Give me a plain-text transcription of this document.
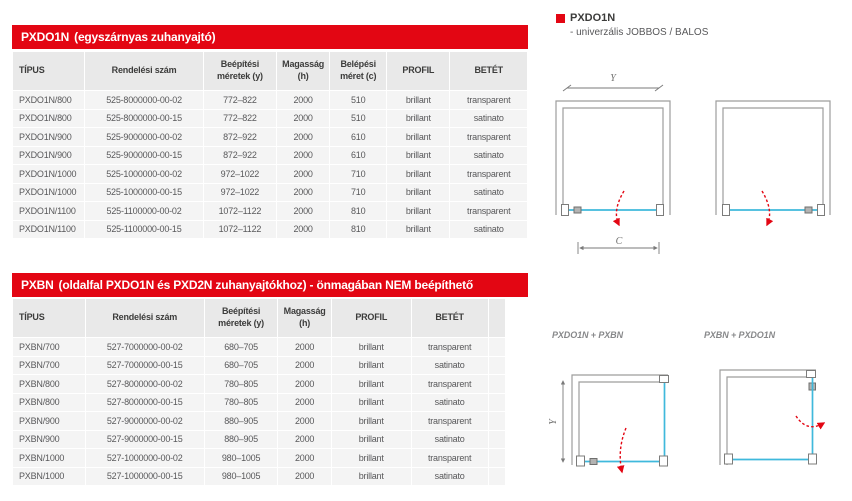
PXDO1N (egyszárnyas zuhanyajtó)
TÍPUS	Rendelési szám	Beépítési méretek (y)	Magasság (h)	Belépési méret (c)	PROFIL	BETÉT
PXDO1N/800	525-8000000-00-02	772–822	2000	510	brillant	transparent
PXDO1N/800	525-8000000-00-15	772–822	2000	510	brillant	satinato
PXDO1N/900	525-9000000-00-02	872–922	2000	610	brillant	transparent
PXDO1N/900	525-9000000-00-15	872–922	2000	610	brillant	satinato
PXDO1N/1000	525-1000000-00-02	972–1022	2000	710	brillant	transparent
PXDO1N/1000	525-1000000-00-15	972–1022	2000	710	brillant	satinato
PXDO1N/1100	525-1100000-00-02	1072–1122	2000	810	brillant	transparent
PXDO1N/1100	525-1100000-00-15	1072–1122	2000	810	brillant	satinato
PXBN (oldalfal PXDO1N és PXD2N zuhanyajtókhoz) - önmagában NEM beépíthető
TÍPUS	Rendelési szám	Beépítési méretek (y)	Magasság (h)	PROFIL	BETÉT	
PXBN/700	527-7000000-00-02	680–705	2000	brillant	transparent	
PXBN/700	527-7000000-00-15	680–705	2000	brillant	satinato	
PXBN/800	527-8000000-00-02	780–805	2000	brillant	transparent	
PXBN/800	527-8000000-00-15	780–805	2000	brillant	satinato	
PXBN/900	527-9000000-00-02	880–905	2000	brillant	transparent	
PXBN/900	527-9000000-00-15	880–905	2000	brillant	satinato	
PXBN/1000	527-1000000-00-02	980–1005	2000	brillant	transparent	
PXBN/1000	527-1000000-00-15	980–1005	2000	brillant	satinato	
PXDO1N
- univerzális JOBBOS / BALOS
Y
C
PXDO1N + PXBN	PXBN + PXDO1N
Y
